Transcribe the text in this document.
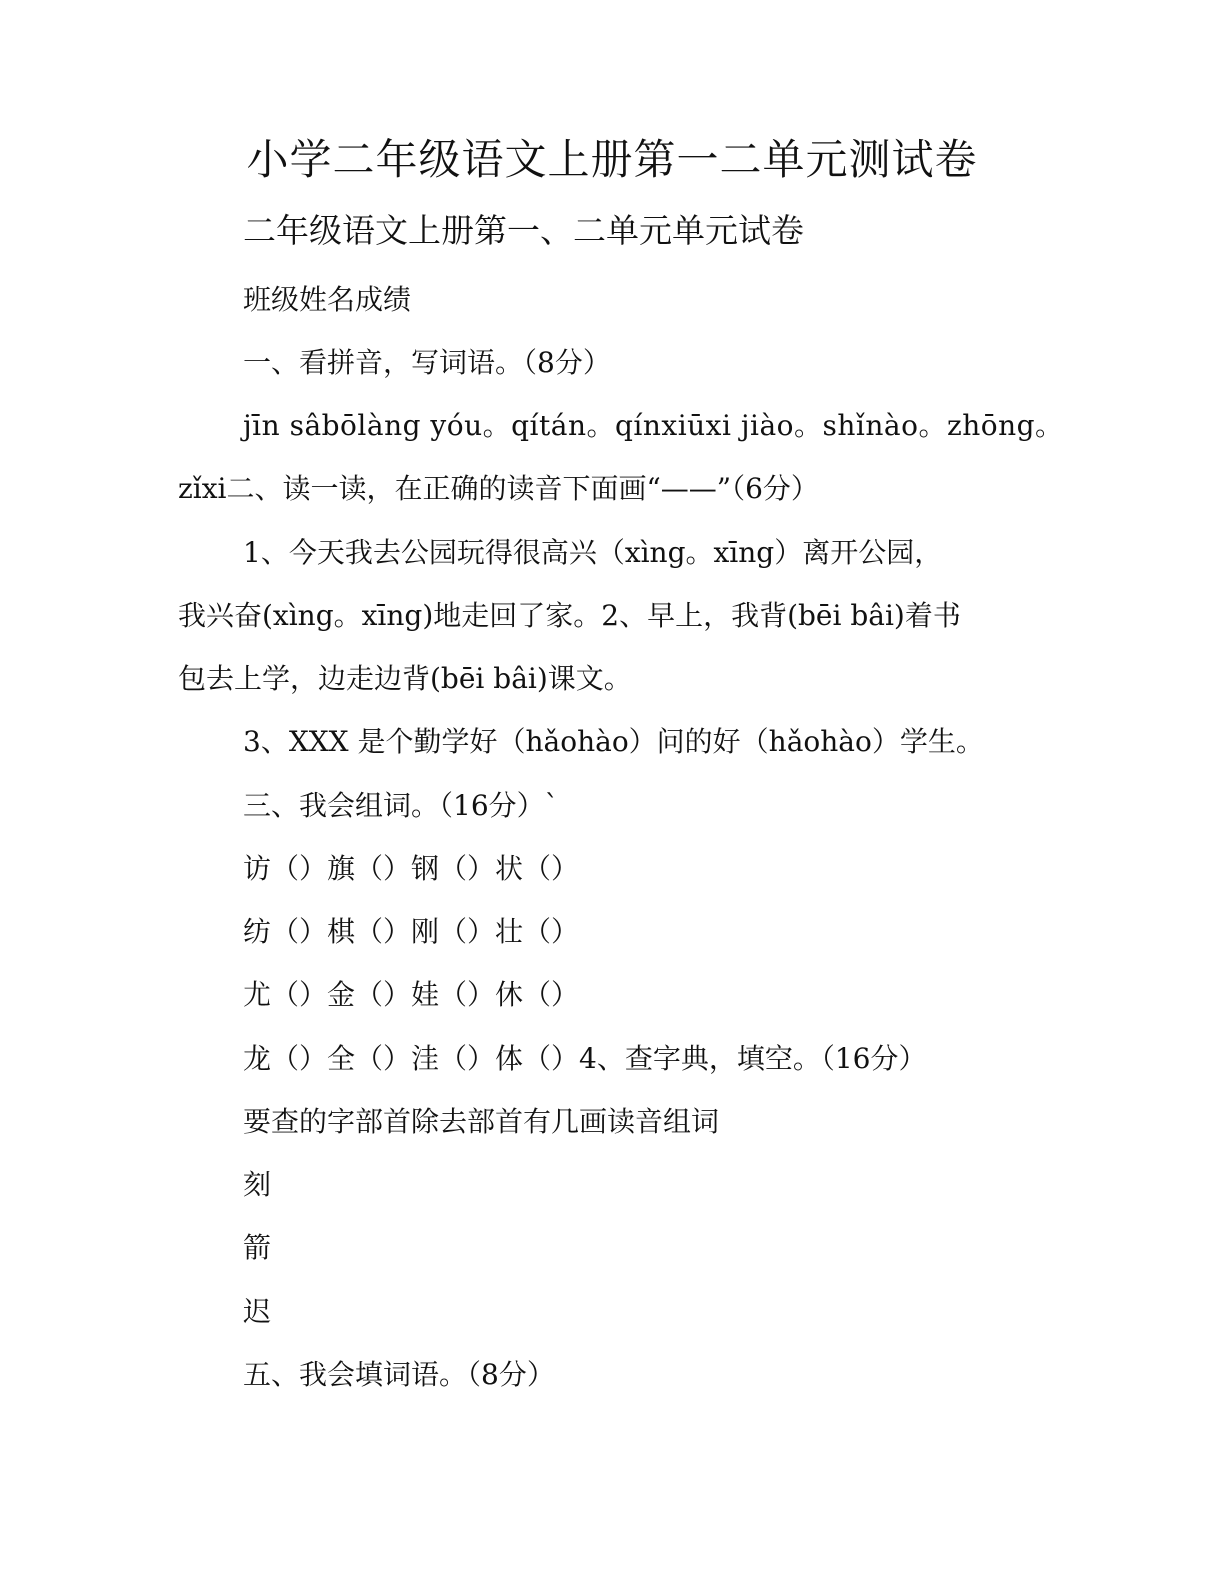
小学二年级语文上册第一二单元测试卷
二年级语文上册第一、二单元单元试卷
班级姓名成绩
一、看拼音，写词语。（8分）
jīn sâbōlàng yóu。qítán。qínxiūxi jiào。shǐnào。zhōng。
zǐxi二、读一读，在正确的读音下面画“——”（6分）
1、今天我去公园玩得很高兴（xìng。xīng）离开公园，
我兴奋(xìng。xīng)地走回了家。2、早上，我背(bēi bâi)着书
包去上学，边走边背(bēi bâi)课文。
3、XXX 是个勤学好（hǎohào）问的好（hǎohào）学生。
三、我会组词。（16分）`
访（）旗（）钢（）状（）
纺（）棋（）刚（）壮（）
尤（）金（）娃（）休（）
龙（）全（）洼（）体（）4、查字典，填空。（16分）
要查的字部首除去部首有几画读音组词
刻
箭
迟
五、我会填词语。（8分）
